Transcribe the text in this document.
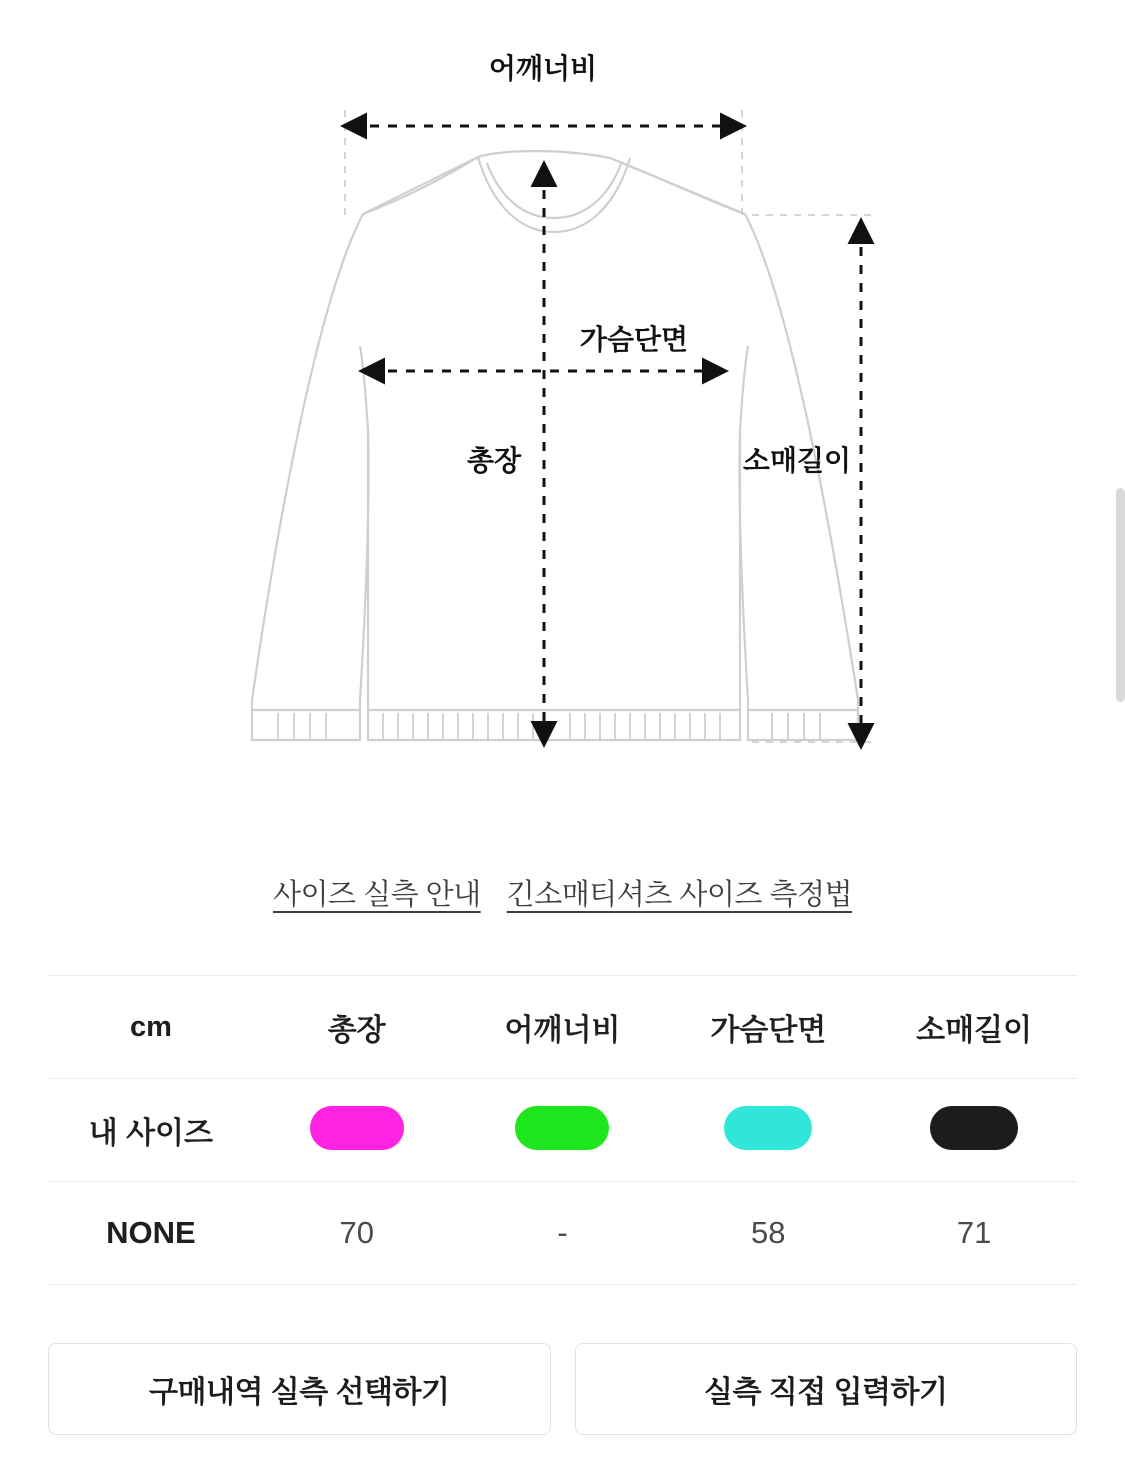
어깨너비
가슴단면
총장	소매길이
사이즈 실측 안내 긴소매티셔츠 사이즈 측정법
cm	총장	어깨너비	가슴단면	소매길이
내 사이즈				
NONE	70	-	58	71
구매내역 실측 선택하기	실측 직접 입력하기
